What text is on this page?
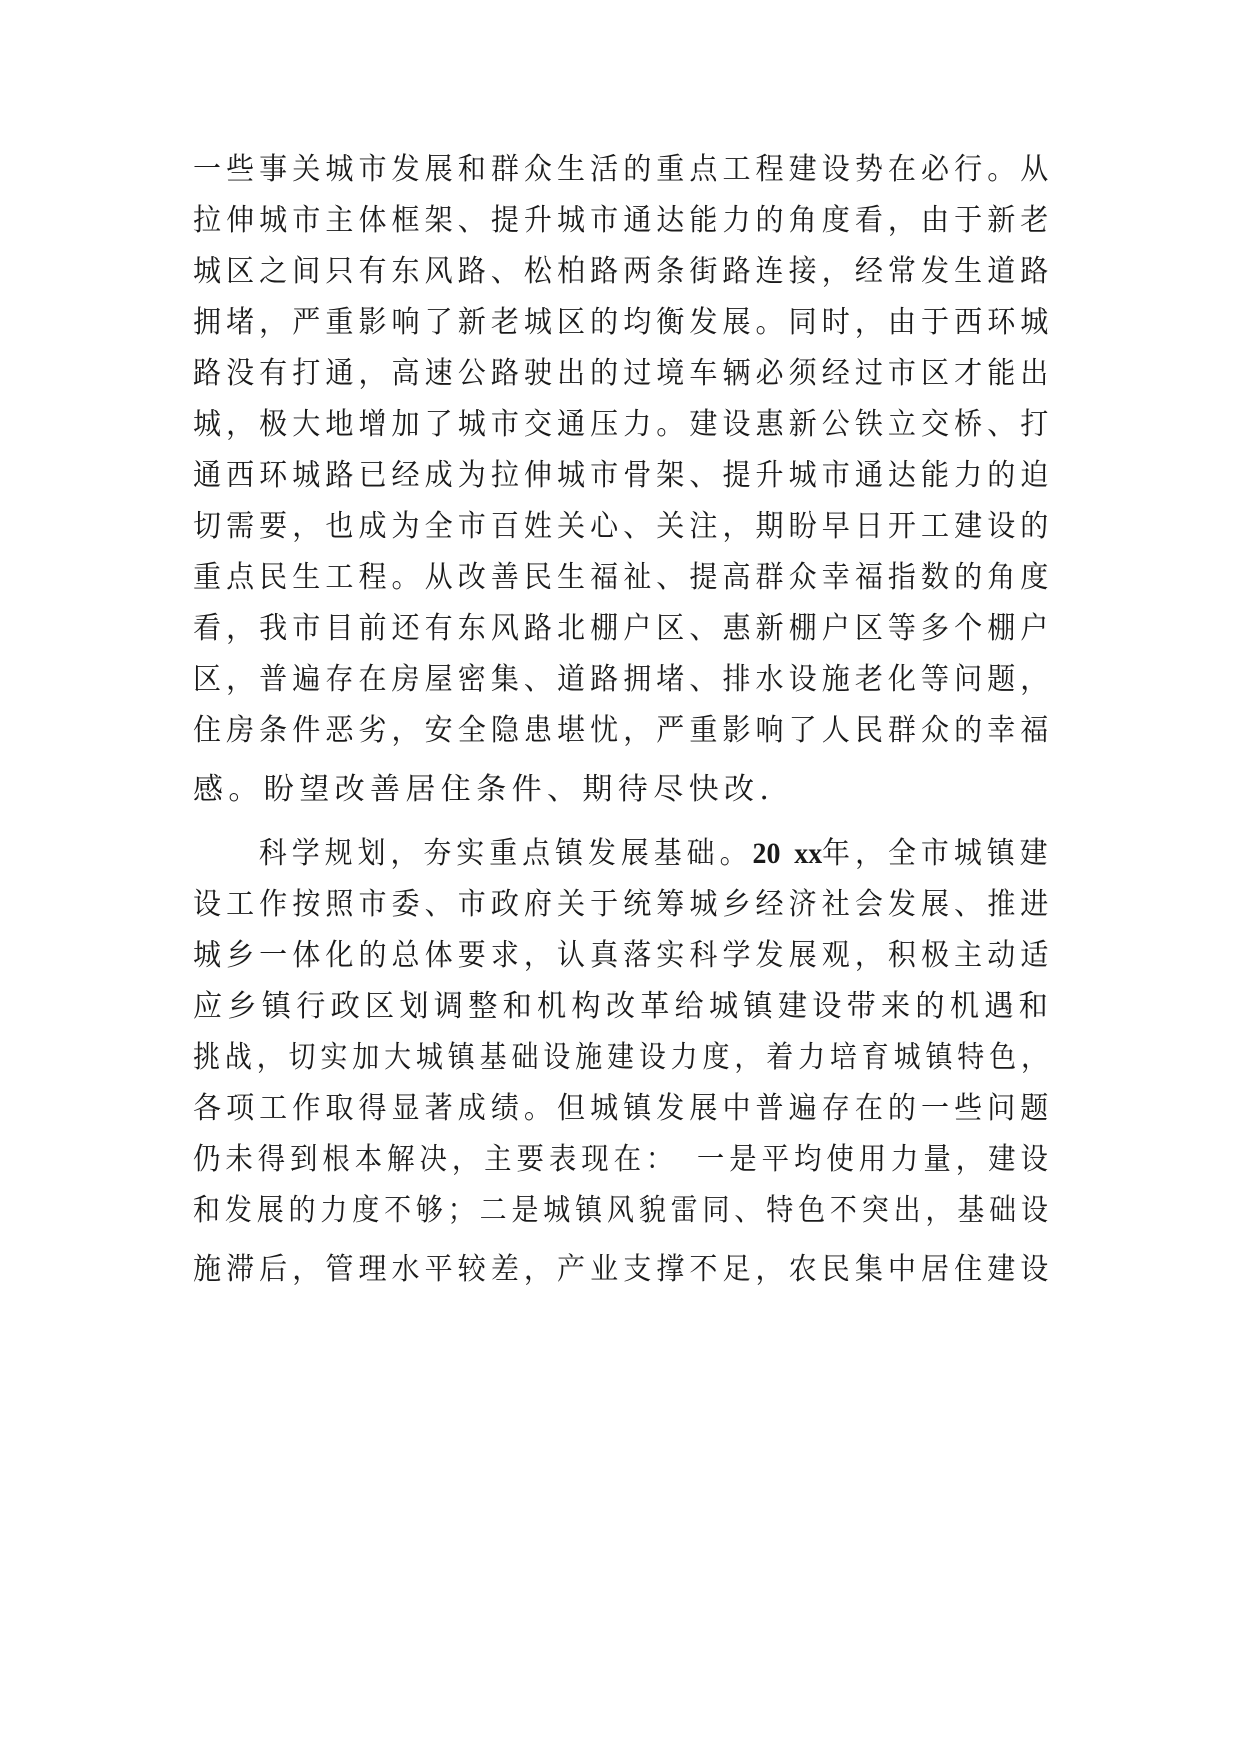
一些事关城市发展和群众生活的重点工程建设势在必行。从
拉伸城市主体框架、提升城市通达能力的角度看，由于新老
城区之间只有东风路、松柏路两条街路连接，经常发生道路
拥堵，严重影响了新老城区的均衡发展。同时，由于西环城
路没有打通，高速公路驶出的过境车辆必须经过市区才能出
城，极大地增加了城市交通压力。建设惠新公铁立交桥、打
通西环城路已经成为拉伸城市骨架、提升城市通达能力的迫
切需要，也成为全市百姓关心、关注，期盼早日开工建设的
重点民生工程。从改善民生福祉、提高群众幸福指数的角度
看，我市目前还有东风路北棚户区、惠新棚户区等多个棚户
区，普遍存在房屋密集、道路拥堵、排水设施老化等问题，
住房条件恶劣，安全隐患堪忧，严重影响了人民群众的幸福
感。盼望改善居住条件、期待尽快改.
　　科学规划，夯实重点镇发展基础。20 xx年，全市城镇建
设工作按照市委、市政府关于统筹城乡经济社会发展、推进
城乡一体化的总体要求，认真落实科学发展观，积极主动适
应乡镇行政区划调整和机构改革给城镇建设带来的机遇和
挑战，切实加大城镇基础设施建设力度，着力培育城镇特色，
各项工作取得显著成绩。但城镇发展中普遍存在的一些问题
仍未得到根本解决，主要表现在：　一是平均使用力量，建设
和发展的力度不够；二是城镇风貌雷同、特色不突出，基础设
施滞后，管理水平较差，产业支撑不足，农民集中居住建设
